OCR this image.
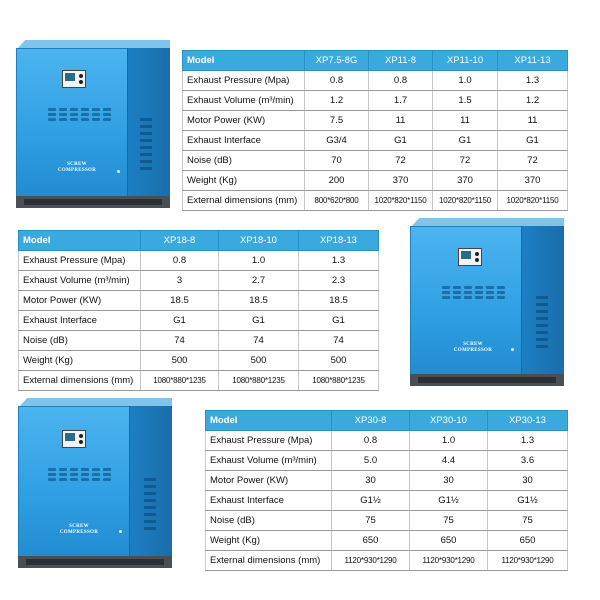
SCREW
COMPRESSOR
Model	XP7.5-8G	XP11-8	XP11-10	XP11-13
Exhaust Pressure (Mpa)	0.8	0.8	1.0	1.3
Exhaust Volume (m³/min)	1.2	1.7	1.5	1.2
Motor Power (KW)	7.5	11	11	11
Exhaust Interface	G3/4	G1	G1	G1
Noise (dB)	70	72	72	72
Weight (Kg)	200	370	370	370
External dimensions (mm)	800*620*800	1020*820*1150	1020*820*1150	1020*820*1150
Model	XP18-8	XP18-10	XP18-13
Exhaust Pressure (Mpa)	0.8	1.0	1.3
Exhaust Volume (m³/min)	3	2.7	2.3
Motor Power (KW)	18.5	18.5	18.5
Exhaust Interface	G1	G1	G1
Noise (dB)	74	74	74
Weight (Kg)	500	500	500
External dimensions (mm)	1080*880*1235	1080*880*1235	1080*880*1235
SCREW
COMPRESSOR
SCREW
COMPRESSOR
Model	XP30-8	XP30-10	XP30-13
Exhaust Pressure (Mpa)	0.8	1.0	1.3
Exhaust Volume (m³/min)	5.0	4.4	3.6
Motor Power (KW)	30	30	30
Exhaust Interface	G1½	G1½	G1½
Noise (dB)	75	75	75
Weight (Kg)	650	650	650
External dimensions (mm)	1120*930*1290	1120*930*1290	1120*930*1290
